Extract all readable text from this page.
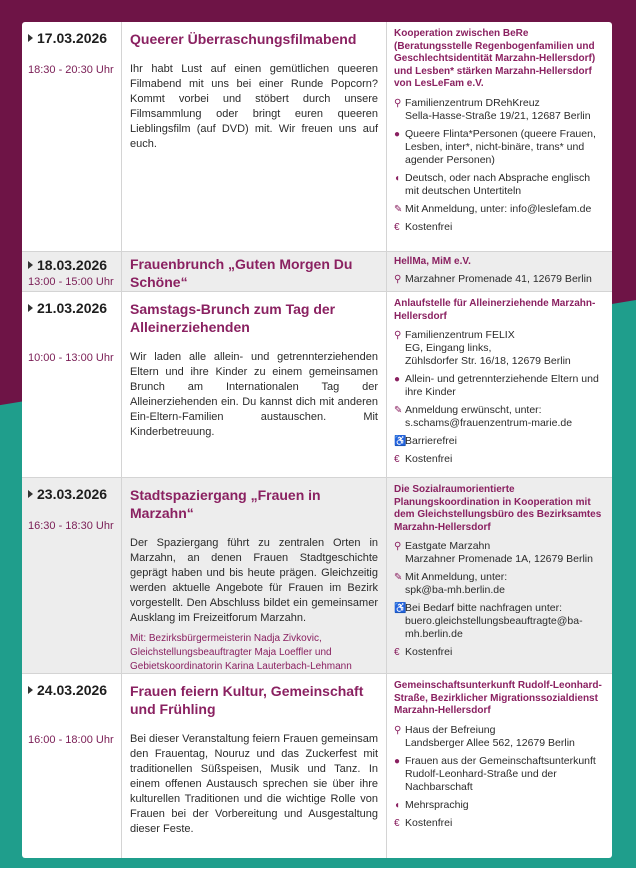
17.03.2026
18:30 - 20:30 Uhr
Queerer Überraschungsfilmabend
Ihr habt Lust auf einen gemütlichen queeren Filmabend mit uns bei einer Runde Popcorn? Kommt vorbei und stöbert durch unsere Filmsammlung oder bringt euren queeren Lieblingsfilm (auf DVD) mit. Wir freuen uns auf euch.
Kooperation zwischen BeRe (Beratungsstelle Regenbogenfamilien und Geschlechtsidentität Marzahn-Hellersdorf) und Lesben* stärken Marzahn-Hellersdorf von LesLeFam e.V.
⚲ Familienzentrum DRehKreuz
Sella-Hasse-Straße 19/21, 12687 Berlin
● Queere Flinta*Personen (queere Frauen, Lesben, inter*, nicht-binäre, trans* und agender Personen)
◖ Deutsch, oder nach Absprache englisch mit deutschen Untertiteln
✎ Mit Anmeldung, unter: info@leslefam.de
€ Kostenfrei
18.03.2026
13:00 - 15:00 Uhr
Frauenbrunch „Guten Morgen Du Schöne“
HellMa, MiM e.V.
⚲ Marzahner Promenade 41, 12679 Berlin
21.03.2026
10:00 - 13:00 Uhr
Samstags-Brunch zum Tag der Alleinerziehenden
Wir laden alle allein- und getrennterziehenden Eltern und ihre Kinder zu einem gemeinsamen Brunch am Internationalen Tag der Alleinerziehenden ein. Du kannst dich mit anderen Ein-Eltern-Familien austauschen. Mit Kinderbetreuung.
Anlaufstelle für Alleinerziehende Marzahn-Hellersdorf
⚲ Familienzentrum FELIX
EG, Eingang links,
Zühlsdorfer Str. 16/18, 12679 Berlin
● Allein- und getrennterziehende Eltern und ihre Kinder
✎ Anmeldung erwünscht, unter:
s.schams@frauenzentrum-marie.de
♿
Barrierefrei
€ Kostenfrei
23.03.2026
16:30 - 18:30 Uhr
Stadtspaziergang „Frauen in Marzahn“
Der Spaziergang führt zu zentralen Orten in Marzahn, an denen Frauen Stadtgeschichte geprägt haben und bis heute prägen. Gleichzeitig werden aktuelle Angebote für Frauen im Bezirk vorgestellt. Den Abschluss bildet ein gemeinsamer Ausklang im Freizeitforum Marzahn.
Mit: Bezirksbürgermeisterin Nadja Zivkovic, Gleichstellungsbeauftragter Maja Loeffler und Gebietskoordinatorin Karina Lauterbach-Lehmann
Die Sozialraumorientierte Planungskoordination in Kooperation mit dem Gleichstellungsbüro des Bezirksamtes Marzahn-Hellersdorf
⚲ Eastgate Marzahn
Marzahner Promenade 1A, 12679 Berlin
✎ Mit Anmeldung, unter:
spk@ba-mh.berlin.de
♿
Bei Bedarf bitte nachfragen unter:
buero.gleichstellungsbeauftragte@ba-mh.berlin.de
€ Kostenfrei
24.03.2026
16:00 - 18:00 Uhr
Frauen feiern Kultur, Gemeinschaft und Frühling
Bei dieser Veranstaltung feiern Frauen gemeinsam den Frauentag, Nouruz und das Zuckerfest mit traditionellen Süßspeisen, Musik und Tanz. In einem offenen Austausch sprechen sie über ihre kulturellen Traditionen und die wichtige Rolle von Frauen bei der Vorbereitung und Ausgestaltung dieser Feste.
Gemeinschaftsunterkunft Rudolf-Leonhard-Straße, Bezirklicher Migrationssozialdienst Marzahn-Hellersdorf
⚲ Haus der Befreiung
Landsberger Allee 562, 12679 Berlin
● Frauen aus der Gemeinschaftsunterkunft Rudolf-Leonhard-Straße und der Nachbarschaft
◖ Mehrsprachig
€ Kostenfrei
